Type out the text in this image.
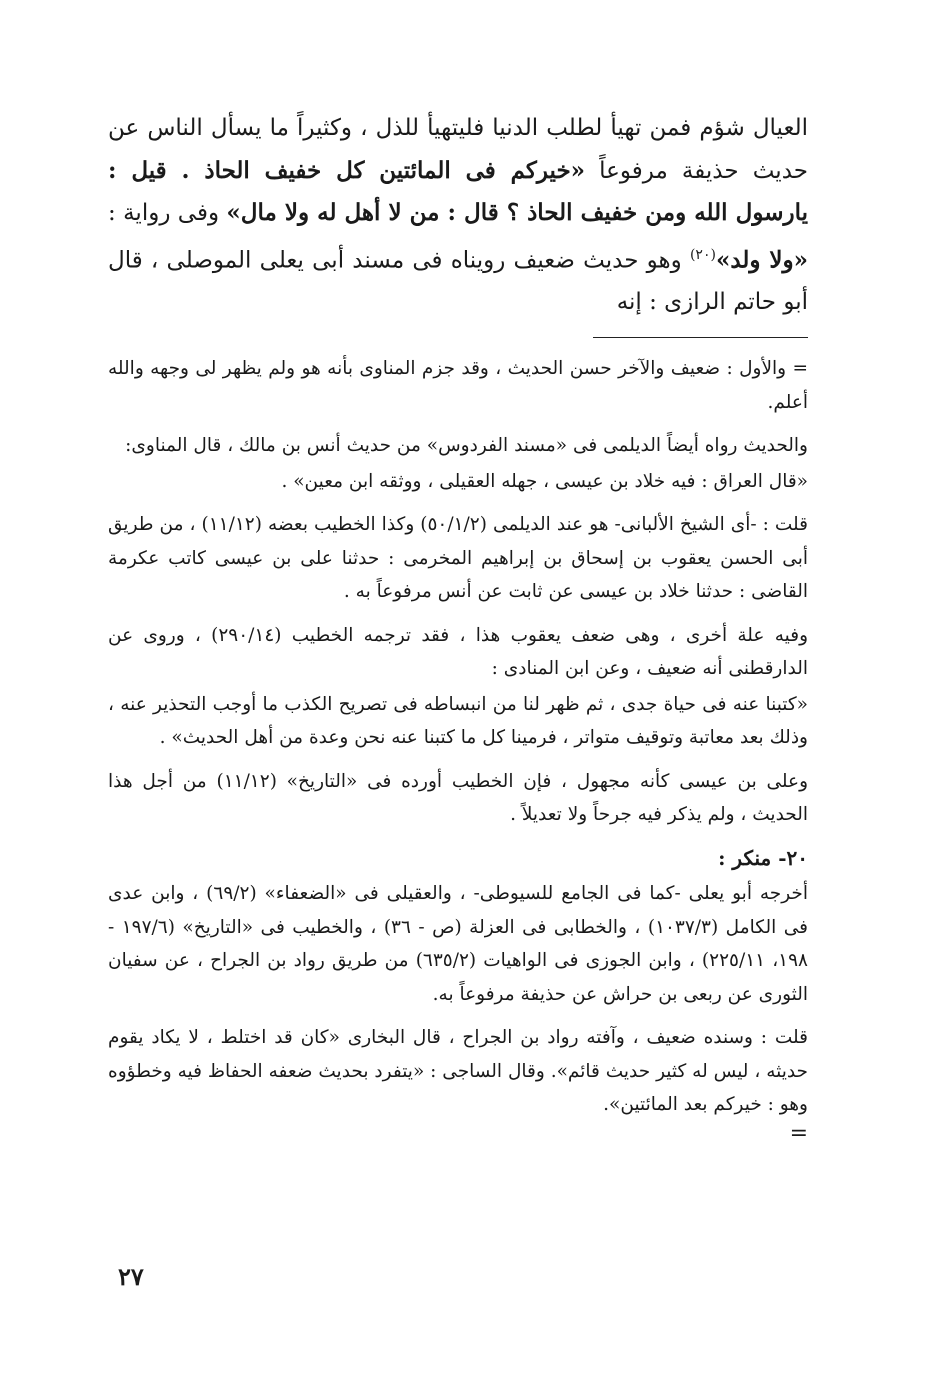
العيال شؤم فمن تهيأ لطلب الدنيا فليتهيأ للذل ، وكثيراً ما يسأل الناس عن حديث حذيفة مرفوعاً «خيركم فى المائتين كل خفيف الحاذ . قيل : يارسول الله ومن خفيف الحاذ ؟ قال : من لا أهل له ولا مال» وفى رواية : «ولا ولد»$^{(٢٠)}$ وهو حديث ضعيف رويناه فى مسند أبى يعلى الموصلى ، قال أبو حاتم الرازى : إنه

= والأول : ضعيف والآخر حسن الحديث ، وقد جزم المناوى بأنه هو ولم يظهر لى وجهه والله أعلم.

والحديث رواه أيضاً الديلمى فى «مسند الفردوس» من حديث أنس بن مالك ، قال المناوى:

«قال العراق : فيه خلاد بن عيسى ، جهله العقيلى ، ووثقه ابن معين» .

قلت : -أى الشيخ الألبانى- هو عند الديلمى (٥٠/١/٢) وكذا الخطيب بعضه (١١/١٢) ، من طريق أبى الحسن يعقوب بن إسحاق بن إبراهيم المخرمى : حدثنا على بن عيسى كاتب عكرمة القاضى : حدثنا خلاد بن عيسى عن ثابت عن أنس مرفوعاً به .

وفيه علة أخرى ، وهى ضعف يعقوب هذا ، فقد ترجمه الخطيب (٢٩٠/١٤) ، وروى عن الدارقطنى أنه ضعيف ، وعن ابن المنادى :

«كتبنا عنه فى حياة جدى ، ثم ظهر لنا من انبساطه فى تصريح الكذب ما أوجب التحذير عنه ، وذلك بعد معاتبة وتوقيف متواتر ، فرمينا كل ما كتبنا عنه نحن وعدة من أهل الحديث» .

وعلى بن عيسى كأنه مجهول ، فإن الخطيب أورده فى «التاريخ» (١١/١٢) من أجل هذا الحديث ، ولم يذكر فيه جرحاً ولا تعديلاً .

٢٠- منكر :

أخرجه أبو يعلى -كما فى الجامع للسيوطى- ، والعقيلى فى «الضعفاء» (٦٩/٢) ، وابن عدى فى الكامل (١٠٣٧/٣) ، والخطابى فى العزلة (ص - ٣٦) ، والخطيب فى «التاريخ» (١٩٧/٦ - ١٩٨، ٢٢٥/١١) ، وابن الجوزى فى الواهيات (٦٣٥/٢) من طريق رواد بن الجراح ، عن سفيان الثورى عن ربعى بن حراش عن حذيفة مرفوعاً به.

قلت : وسنده ضعيف ، وآفته رواد بن الجراح ، قال البخارى «كان قد اختلط ، لا يكاد يقوم حديثه ، ليس له كثير حديث قائم». وقال الساجى : «يتفرد بحديث ضعفه الحفاظ فيه وخطؤوه وهو : خيركم بعد المائتين».

=

٢٧
